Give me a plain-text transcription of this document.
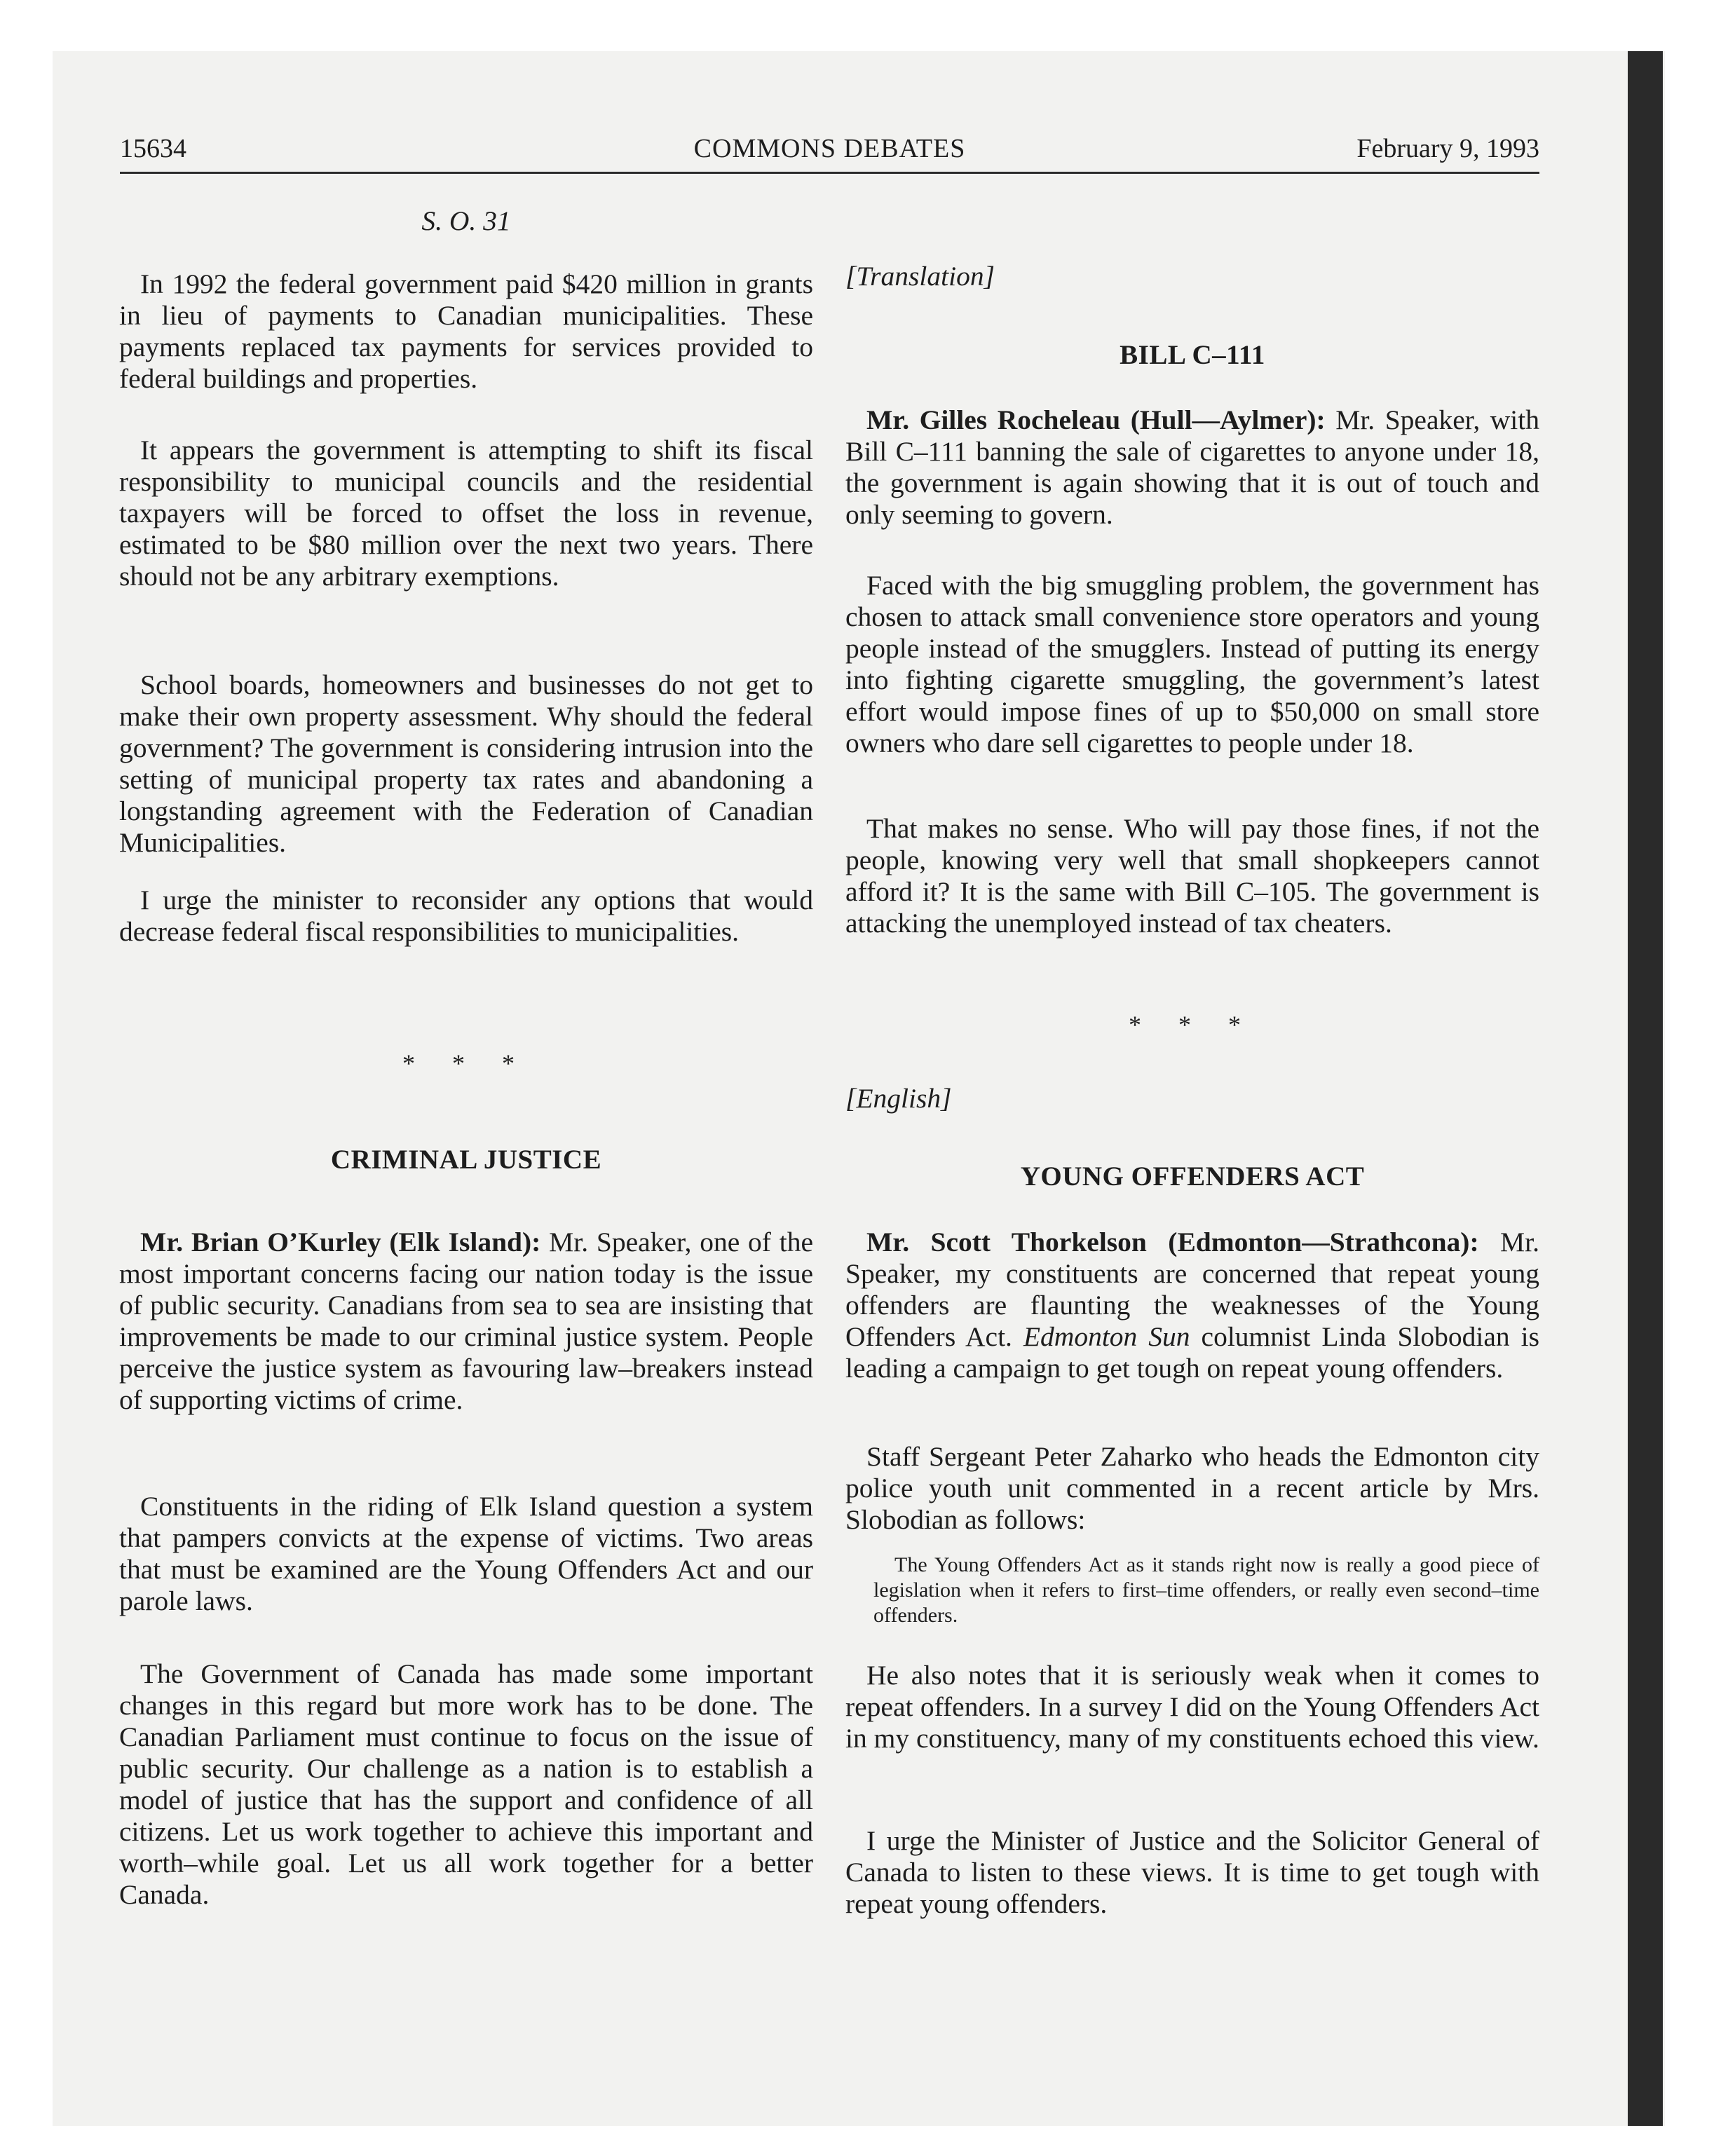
15634	COMMONS DEBATES	February 9, 1993
S. O. 31

In 1992 the federal government paid $420 million in grants in lieu of payments to Canadian municipalities. These payments replaced tax payments for services provided to federal buildings and properties.

It appears the government is attempting to shift its fiscal responsibility to municipal councils and the residential taxpayers will be forced to offset the loss in revenue, estimated to be $80 million over the next two years. There should not be any arbitrary exemptions.

School boards, homeowners and businesses do not get to make their own property assessment. Why should the federal government? The government is considering intrusion into the setting of municipal property tax rates and abandoning a longstanding agreement with the Federation of Canadian Municipalities.

I urge the minister to reconsider any options that would decrease federal fiscal responsibilities to municipalities.

* * *
CRIMINAL JUSTICE

Mr. Brian O’Kurley (Elk Island): Mr. Speaker, one of the most important concerns facing our nation today is the issue of public security. Canadians from sea to sea are insisting that improvements be made to our criminal justice system. People perceive the justice system as favouring law–breakers instead of supporting victims of crime.

Constituents in the riding of Elk Island question a system that pampers convicts at the expense of victims. Two areas that must be examined are the Young Offenders Act and our parole laws.

The Government of Canada has made some important changes in this regard but more work has to be done. The Canadian Parliament must continue to focus on the issue of public security. Our challenge as a nation is to establish a model of justice that has the support and confidence of all citizens. Let us work together to achieve this important and worth–while goal. Let us all work together for a better Canada.

[Translation]
BILL C–111

Mr. Gilles Rocheleau (Hull—Aylmer): Mr. Speaker, with Bill C–111 banning the sale of cigarettes to anyone under 18, the government is again showing that it is out of touch and only seeming to govern.

Faced with the big smuggling problem, the government has chosen to attack small convenience store operators and young people instead of the smugglers. Instead of putting its energy into fighting cigarette smuggling, the government’s latest effort would impose fines of up to $50,000 on small store owners who dare sell cigarettes to people under 18.

That makes no sense. Who will pay those fines, if not the people, knowing very well that small shopkeepers cannot afford it? It is the same with Bill C–105. The government is attacking the unemployed instead of tax cheaters.

* * *
[English]
YOUNG OFFENDERS ACT

Mr. Scott Thorkelson (Edmonton—Strathcona): Mr. Speaker, my constituents are concerned that repeat young offenders are flaunting the weaknesses of the Young Offenders Act. Edmonton Sun columnist Linda Slobodian is leading a campaign to get tough on repeat young offenders.

Staff Sergeant Peter Zaharko who heads the Edmonton city police youth unit commented in a recent article by Mrs. Slobodian as follows:

The Young Offenders Act as it stands right now is really a good piece of legislation when it refers to first–time offenders, or really even second–time offenders.

He also notes that it is seriously weak when it comes to repeat offenders. In a survey I did on the Young Offenders Act in my constituency, many of my constituents echoed this view.

I urge the Minister of Justice and the Solicitor General of Canada to listen to these views. It is time to get tough with repeat young offenders.
